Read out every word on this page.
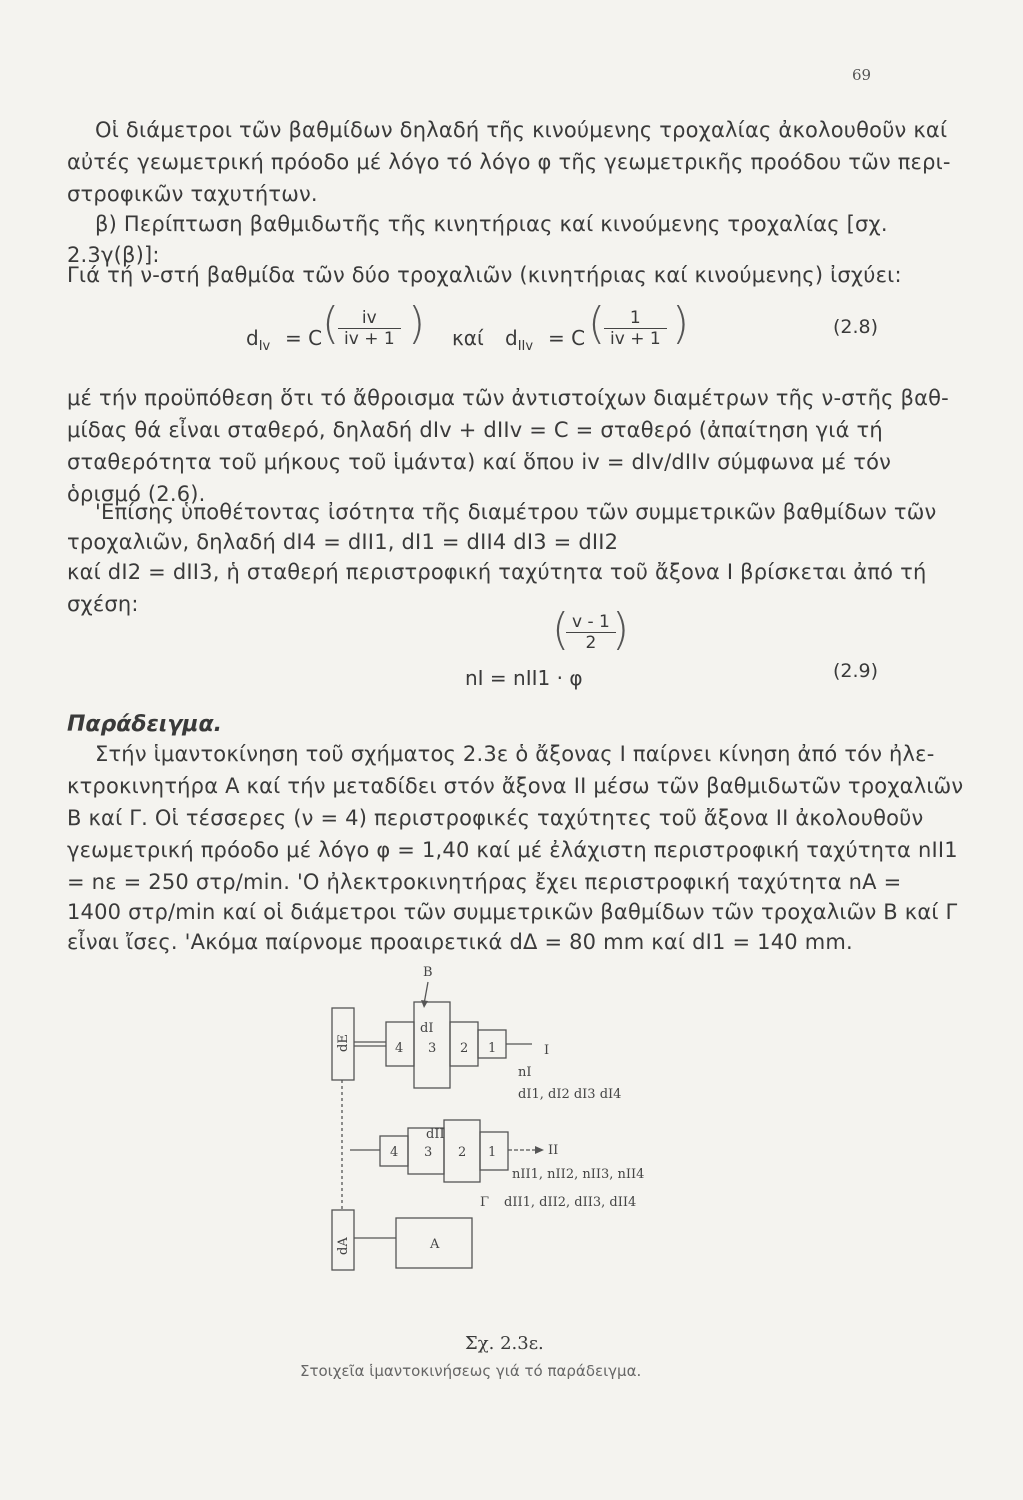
69
Οἱ διάμετροι τῶν βαθμίδων δηλαδή τῆς κινούμενης τροχαλίας ἀκολουθοῦν καί
αὐτές γεωμετρική πρόοδο μέ λόγο τό λόγο φ τῆς γεωμετρικῆς προόδου τῶν περι-
στροφικῶν ταχυτήτων.
β) Περίπτωση βαθμιδωτῆς τῆς κινητήριας καί κινούμενης τροχαλίας [σχ.
2.3γ(β)]:
Γιά τή ν-στή βαθμίδα τῶν δύο τροχαλιῶν (κινητήριας καί κινούμενης) ἰσχύει:
$d_{Iv} = C$ (
$\frac{iv}{iv + 1}$ ) καί $d_{IIv} = C$ (
$\frac{1}{iv + 1}$ )	(2.8)
μέ τήν προϋπόθεση ὅτι τό ἄθροισμα τῶν ἀντιστοίχων διαμέτρων τῆς ν-στῆς βαθ-
μίδας θά εἶναι σταθερό, δηλαδή dIv + dIIv = C = σταθερό (ἀπαίτηση γιά τή
σταθερότητα τοῦ μήκους τοῦ ἱμάντα) καί ὅπου iv = dIv/dIIv σύμφωνα μέ τόν
ὁρισμό (2.6).
'Επίσης ὑποθέτοντας ἰσότητα τῆς διαμέτρου τῶν συμμετρικῶν βαθμίδων τῶν
τροχαλιῶν, δηλαδή dI4 = dII1, dI1 = dII4 dI3 = dII2
καί dI2 = dII3, ἡ σταθερή περιστροφική ταχύτητα τοῦ ἄξονα I βρίσκεται ἀπό τή
σχέση:	(
$\frac{v - 1}{2}$
)
nI = nII1 · φ	(2.9)
Παράδειγμα.
Στήν ἱμαντοκίνηση τοῦ σχήματος 2.3ε ὁ ἄξονας I παίρνει κίνηση ἀπό τόν ἠλε-
κτροκινητήρα Α καί τήν μεταδίδει στόν ἄξονα II μέσω τῶν βαθμιδωτῶν τροχαλιῶν
Β καί Γ. Οἱ τέσσερες (ν = 4) περιστροφικές ταχύτητες τοῦ ἄξονα II ἀκολουθοῦν
γεωμετρική πρόοδο μέ λόγο φ = 1,40 καί μέ ἐλάχιστη περιστροφική ταχύτητα nII1
= nε = 250 στρ/min. 'Ο ἠλεκτροκινητήρας ἔχει περιστροφική ταχύτητα nA =
1400 στρ/min καί οἱ διάμετροι τῶν συμμετρικῶν βαθμίδων τῶν τροχαλιῶν Β καί Γ
εἶναι ἴσες. 'Ακόμα παίρνομε προαιρετικά dΔ = 80 mm καί dI1 = 140 mm.
B
Γ
A
I
II
nI
dI
dII
dE
dA
4 3 2 1
4 3 2 1
dI1, dI2 dI3 dI4
nII1, nII2, nII3, nII4
dII1, dII2, dII3, dII4
Σχ. 2.3ε.
Στοιχεῖα ἱμαντοκινήσεως γιά τό παράδειγμα.
